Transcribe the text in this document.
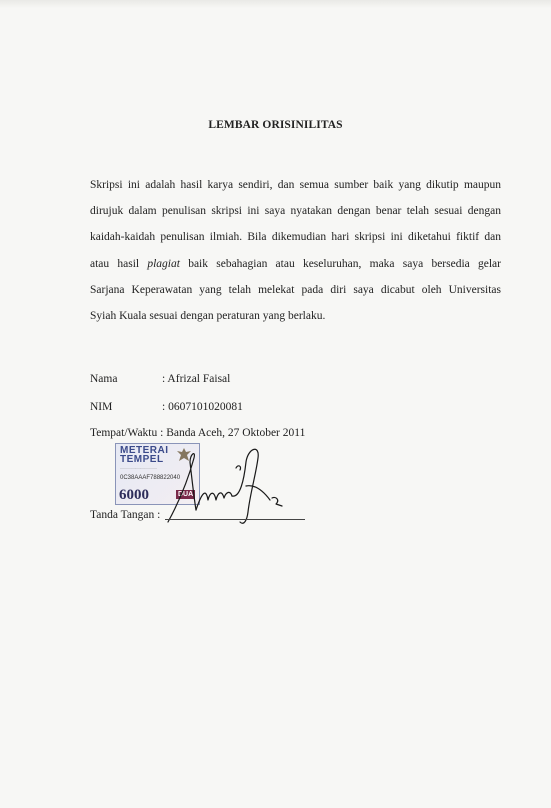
LEMBAR ORISINILITAS
Skripsi ini adalah hasil karya sendiri, dan semua sumber baik yang dikutip maupun
dirujuk dalam penulisan skripsi ini saya nyatakan dengan benar telah sesuai dengan
kaidah-kaidah penulisan ilmiah. Bila dikemudian hari skripsi ini diketahui fiktif dan
atau hasil plagiat baik sebahagian atau keseluruhan, maka saya bersedia gelar
Sarjana Keperawatan yang telah melekat pada diri saya dicabut oleh Universitas
Syiah Kuala sesuai dengan peraturan yang berlaku.
Nama	: Afrizal Faisal
NIM	: 0607101020081
Tempat/Waktu : Banda Aceh, 27 Oktober 2011
METERAI
TEMPEL
......................................
0C38AAAF788822040
6000	DUA
Tanda Tangan :
